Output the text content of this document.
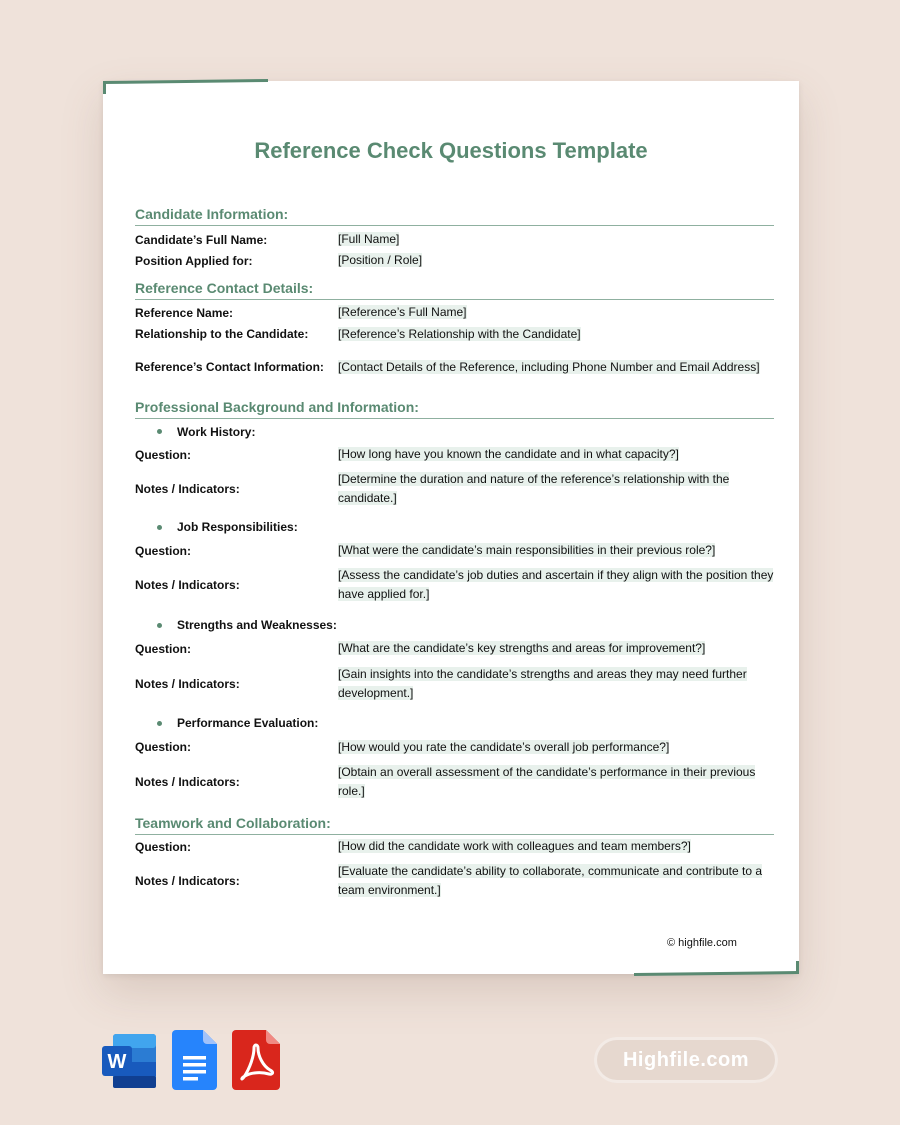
Reference Check Questions Template
Candidate Information:
Candidate’s Full Name:	[Full Name]
Position Applied for:	[Position / Role]
Reference Contact Details:
Reference Name:	[Reference’s Full Name]
Relationship to the Candidate:	[Reference’s Relationship with the Candidate]
Reference’s Contact Information:	[Contact Details of the Reference, including Phone Number and Email Address]
Professional Background and Information:
Work History:
Question:	[How long have you known the candidate and in what capacity?]
Notes / Indicators:
[Determine the duration and nature of the reference’s relationship with the candidate.]
Job Responsibilities:
Question:	[What were the candidate’s main responsibilities in their previous role?]
Notes / Indicators:
[Assess the candidate’s job duties and ascertain if they align with the position they have applied for.]
Strengths and Weaknesses:
Question:	[What are the candidate’s key strengths and areas for improvement?]
Notes / Indicators:
[Gain insights into the candidate’s strengths and areas they may need further development.]
Performance Evaluation:
Question:	[How would you rate the candidate’s overall job performance?]
Notes / Indicators:
[Obtain an overall assessment of the candidate’s performance in their previous role.]
Teamwork and Collaboration:
Question:	[How did the candidate work with colleagues and team members?]
Notes / Indicators:
[Evaluate the candidate’s ability to collaborate, communicate and contribute to a team environment.]
© highfile.com
W	Highfile.com
